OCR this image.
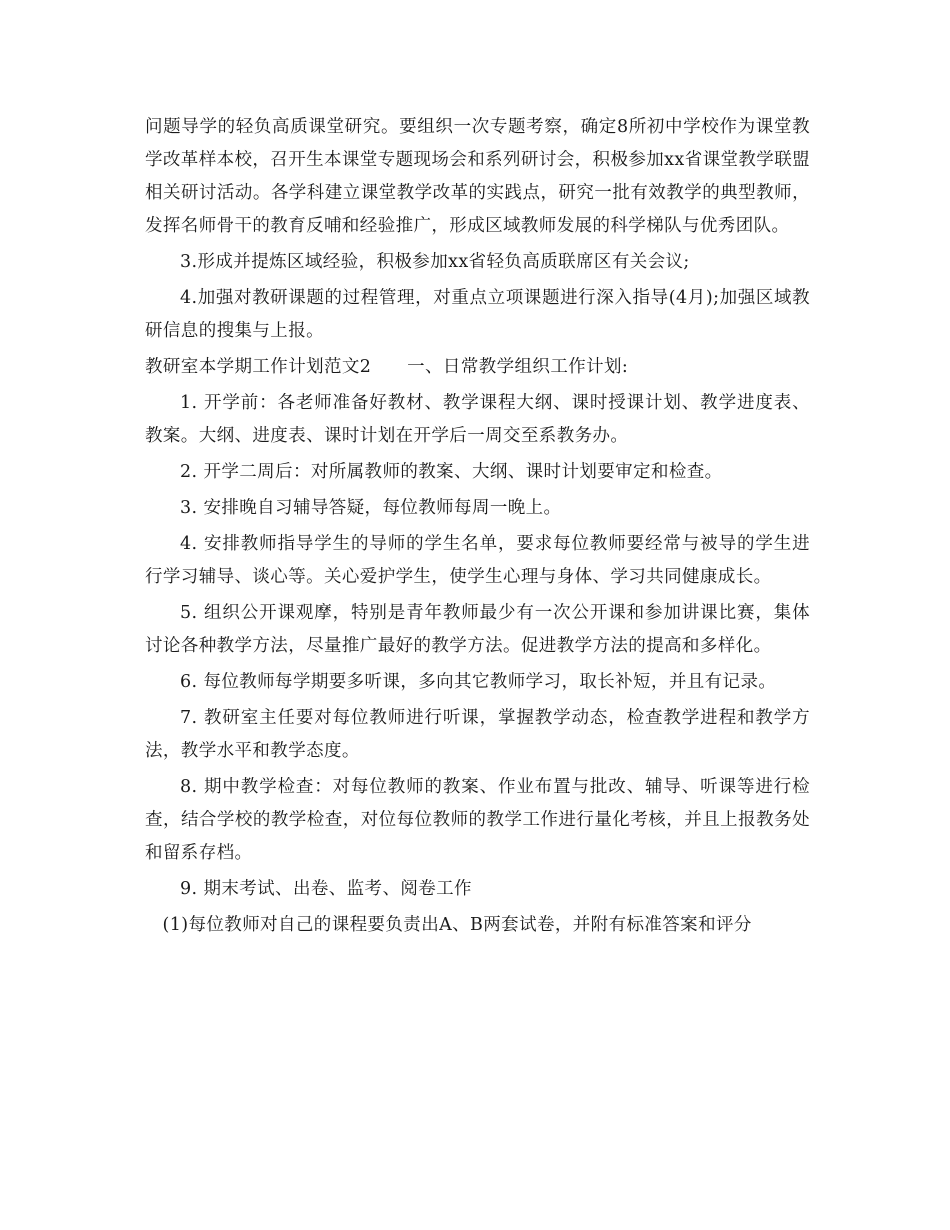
问题导学的轻负高质课堂研究。要组织一次专题考察，确定8所初中学校作为课堂教学改革样本校，召开生本课堂专题现场会和系列研讨会，积极参加xx省课堂教学联盟相关研讨活动。各学科建立课堂教学改革的实践点，研究一批有效教学的典型教师，发挥名师骨干的教育反哺和经验推广，形成区域教师发展的科学梯队与优秀团队。

3.形成并提炼区域经验，积极参加xx省轻负高质联席区有关会议;

4.加强对教研课题的过程管理，对重点立项课题进行深入指导(4月);加强区域教研信息的搜集与上报。

教研室本学期工作计划范文2　　一、日常教学组织工作计划:

1. 开学前：各老师准备好教材、教学课程大纲、课时授课计划、教学进度表、教案。大纲、进度表、课时计划在开学后一周交至系教务办。

2. 开学二周后：对所属教师的教案、大纲、课时计划要审定和检查。

3. 安排晚自习辅导答疑，每位教师每周一晚上。

4. 安排教师指导学生的导师的学生名单，要求每位教师要经常与被导的学生进行学习辅导、谈心等。关心爱护学生，使学生心理与身体、学习共同健康成长。

5. 组织公开课观摩，特别是青年教师最少有一次公开课和参加讲课比赛，集体讨论各种教学方法，尽量推广最好的教学方法。促进教学方法的提高和多样化。

6. 每位教师每学期要多听课，多向其它教师学习，取长补短，并且有记录。

7. 教研室主任要对每位教师进行听课，掌握教学动态，检查教学进程和教学方法，教学水平和教学态度。

8. 期中教学检查：对每位教师的教案、作业布置与批改、辅导、听课等进行检查，结合学校的教学检查，对位每位教师的教学工作进行量化考核，并且上报教务处和留系存档。

9. 期末考试、出卷、监考、阅卷工作

(1)每位教师对自己的课程要负责出A、B两套试卷，并附有标准答案和评分
